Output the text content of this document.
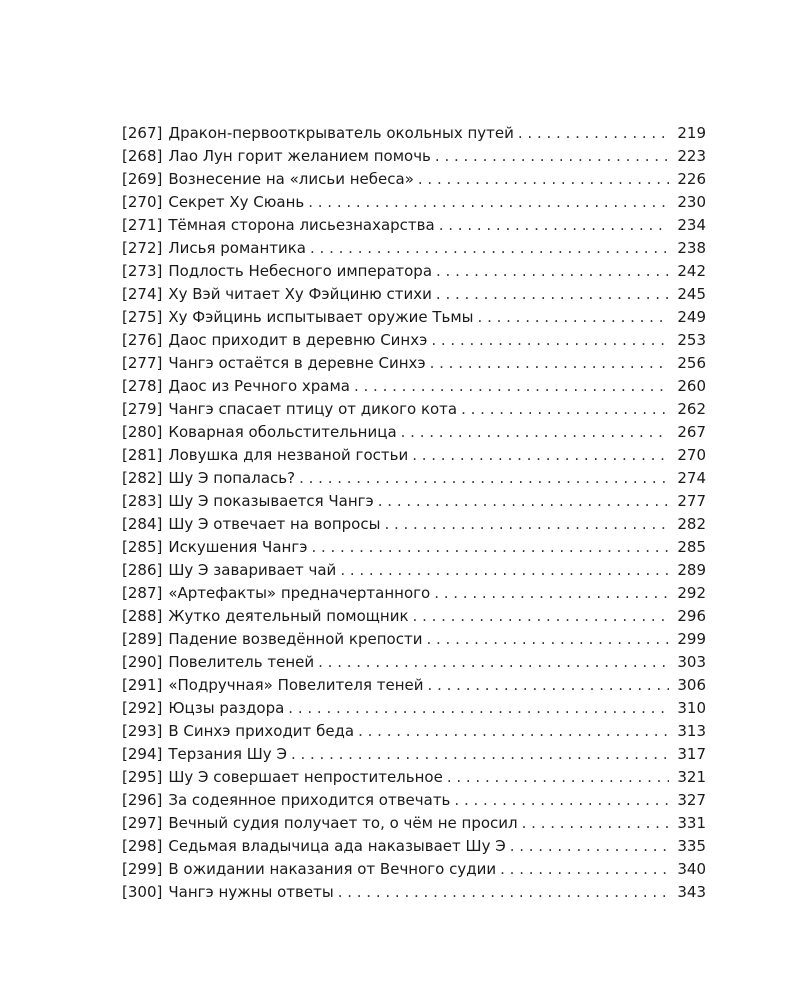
[267] Дракон-первооткрыватель окольных путей . . .	219
[268] Лао Лун горит желанием помочь . . .	223
[269] Вознесение на «лисьи небеса» . . .	226
[270] Секрет Ху Сюань . . .	230
[271] Тёмная сторона лисьезнахарства . . .	234
[272] Лисья романтика . . .	238
[273] Подлость Небесного императора . . .	242
[274] Ху Вэй читает Ху Фэйциню стихи . . .	245
[275] Ху Фэйцинь испытывает оружие Тьмы . . .	249
[276] Даос приходит в деревню Синхэ . . .	253
[277] Чангэ остаётся в деревне Синхэ . . .	256
[278] Даос из Речного храма . . .	260
[279] Чангэ спасает птицу от дикого кота . . .	262
[280] Коварная обольстительница . . .	267
[281] Ловушка для незваной гостьи . . .	270
[282] Шу Э попалась? . . .	274
[283] Шу Э показывается Чангэ . . .	277
[284] Шу Э отвечает на вопросы . . .	282
[285] Искушения Чангэ . . .	285
[286] Шу Э заваривает чай . . .	289
[287] «Артефакты» предначертанного . . .	292
[288] Жутко деятельный помощник . . .	296
[289] Падение возведённой крепости . . .	299
[290] Повелитель теней . . .	303
[291] «Подручная» Повелителя теней . . .	306
[292] Юцзы раздора . . .	310
[293] В Синхэ приходит беда . . .	313
[294] Терзания Шу Э . . .	317
[295] Шу Э совершает непростительное . . .	321
[296] За содеянное приходится отвечать . . .	327
[297] Вечный судия получает то, о чём не просил . . .	331
[298] Седьмая владычица ада наказывает Шу Э . . .	335
[299] В ожидании наказания от Вечного судии . . .	340
[300] Чангэ нужны ответы . . .	343
